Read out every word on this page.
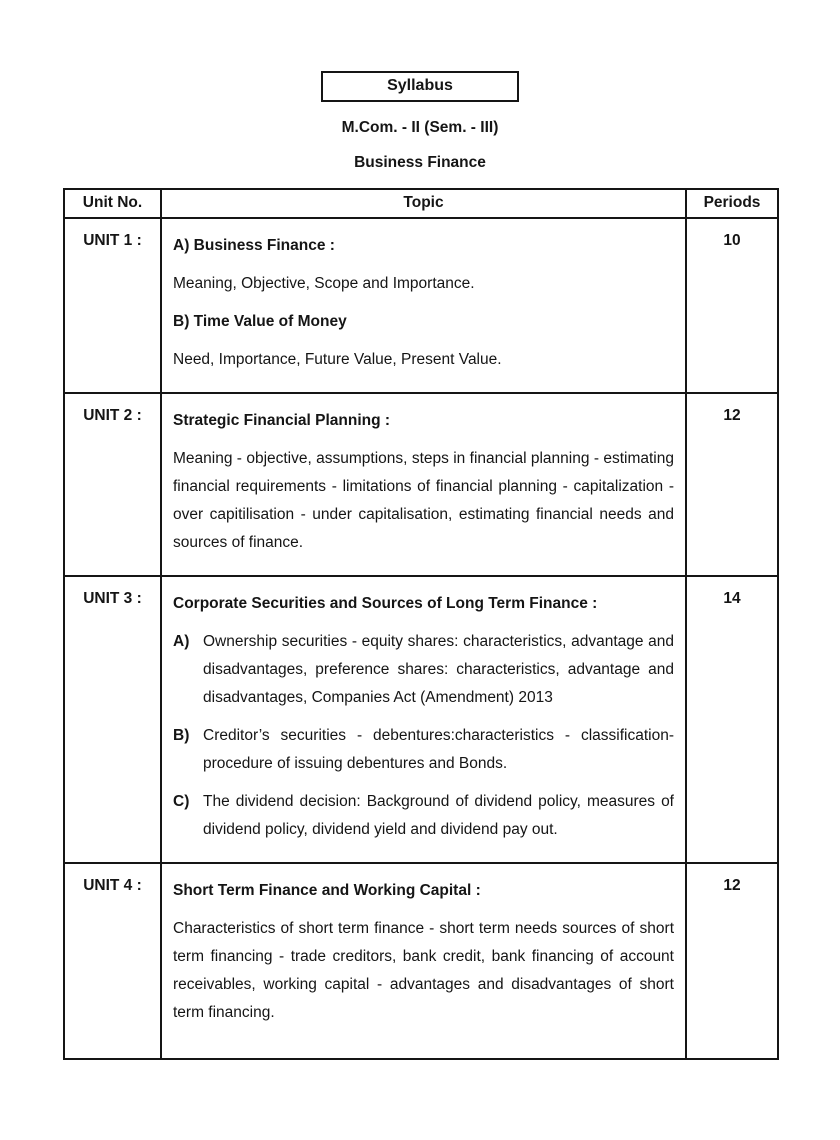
Syllabus
M.Com. - II (Sem. - III)
Business Finance
Unit No.	Topic	Periods
UNIT 1 :	A) Business Finance :
Meaning, Objective, Scope and Importance.
B) Time Value of Money
Need, Importance, Future Value, Present Value.	10
UNIT 2 :	Strategic Financial Planning :
Meaning - objective, assumptions, steps in financial planning - estimating financial requirements - limitations of financial planning - capitalization - over capitilisation - under capitalisation, estimating financial needs and sources of finance.	12
UNIT 3 :	Corporate Securities and Sources of Long Term Finance :
A) Ownership securities - equity shares: characteristics, advantage and disadvantages, preference shares: characteristics, advantage and disadvantages, Companies Act (Amendment) 2013
B) Creditor’s securities - debentures:characteristics - classification-procedure of issuing debentures and Bonds.
C) The dividend decision: Background of dividend policy, measures of dividend policy, dividend yield and dividend pay out.
	14
UNIT 4 :	Short Term Finance and Working Capital :
Characteristics of short term finance - short term needs sources of short term financing - trade creditors, bank credit, bank financing of account receivables, working capital - advantages and disadvantages of short term financing.	12
